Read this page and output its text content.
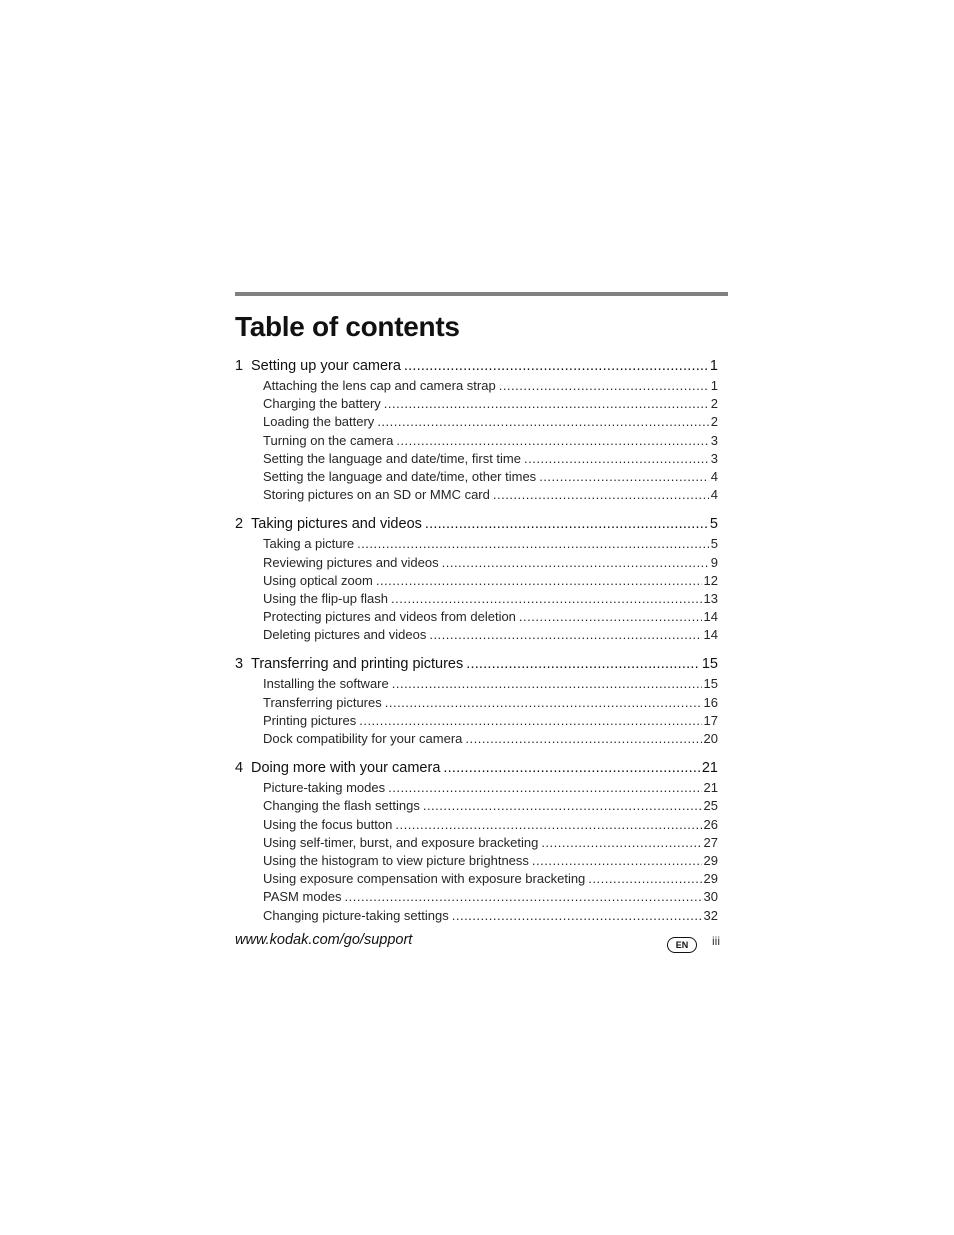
Table of contents
1 Setting up your camera .....	1
Attaching the lens cap and camera strap .....	1
Charging the battery .....	2
Loading the battery .....	2
Turning on the camera .....	3
Setting the language and date/time, first time .....	3
Setting the language and date/time, other times .....	4
Storing pictures on an SD or MMC card .....	4
2 Taking pictures and videos .....	5
Taking a picture .....	5
Reviewing pictures and videos .....	9
Using optical zoom .....	12
Using the flip-up flash .....	13
Protecting pictures and videos from deletion .....	14
Deleting pictures and videos .....	14
3 Transferring and printing pictures .....	15
Installing the software .....	15
Transferring pictures .....	16
Printing pictures .....	17
Dock compatibility for your camera .....	20
4 Doing more with your camera .....	21
Picture-taking modes .....	21
Changing the flash settings .....	25
Using the focus button .....	26
Using self-timer, burst, and exposure bracketing .....	27
Using the histogram to view picture brightness .....	29
Using exposure compensation with exposure bracketing .....	29
PASM modes .....	30
Changing picture-taking settings .....	32
www.kodak.com/go/support	EN	iii
